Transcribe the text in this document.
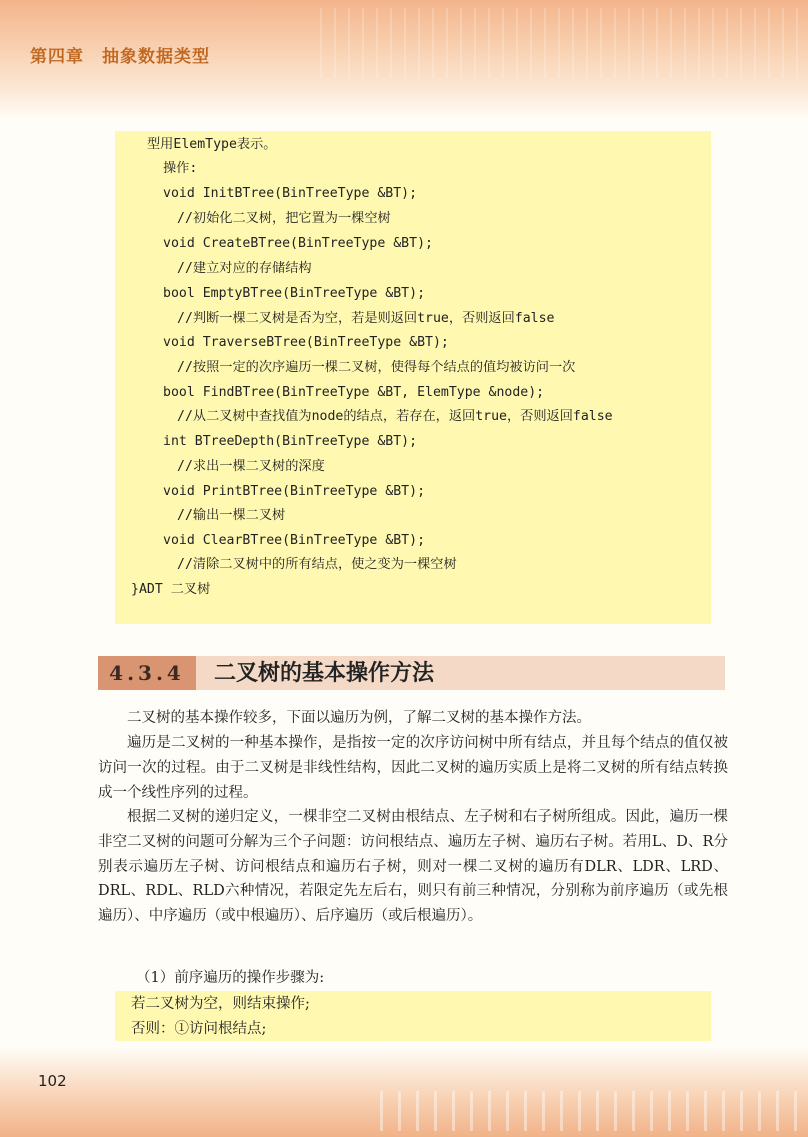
第四章　抽象数据类型
型用ElemType表示。
操作:
void InitBTree(BinTreeType &BT);
//初始化二叉树，把它置为一棵空树
void CreateBTree(BinTreeType &BT);
//建立对应的存储结构
bool EmptyBTree(BinTreeType &BT);
//判断一棵二叉树是否为空，若是则返回true，否则返回false
void TraverseBTree(BinTreeType &BT);
//按照一定的次序遍历一棵二叉树，使得每个结点的值均被访问一次
bool FindBTree(BinTreeType &BT, ElemType &node);
//从二叉树中查找值为node的结点，若存在，返回true，否则返回false
int BTreeDepth(BinTreeType &BT);
//求出一棵二叉树的深度
void PrintBTree(BinTreeType &BT);
//输出一棵二叉树
void ClearBTree(BinTreeType &BT);
//清除二叉树中的所有结点，使之变为一棵空树
}ADT 二叉树
4.3.4	二叉树的基本操作方法

二叉树的基本操作较多，下面以遍历为例，了解二叉树的基本操作方法。

遍历是二叉树的一种基本操作，是指按一定的次序访问树中所有结点，并且每个结点的值仅被访问一次的过程。由于二叉树是非线性结构，因此二叉树的遍历实质上是将二叉树的所有结点转换成一个线性序列的过程。

根据二叉树的递归定义，一棵非空二叉树由根结点、左子树和右子树所组成。因此，遍历一棵非空二叉树的问题可分解为三个子问题：访问根结点、遍历左子树、遍历右子树。若用L、D、R分别表示遍历左子树、访问根结点和遍历右子树，则对一棵二叉树的遍历有DLR、LDR、LRD、DRL、RDL、RLD六种情况，若限定先左后右，则只有前三种情况，分别称为前序遍历（或先根遍历）、中序遍历（或中根遍历）、后序遍历（或后根遍历）。

（1）前序遍历的操作步骤为:
若二叉树为空，则结束操作;
否则：①访问根结点;
102
